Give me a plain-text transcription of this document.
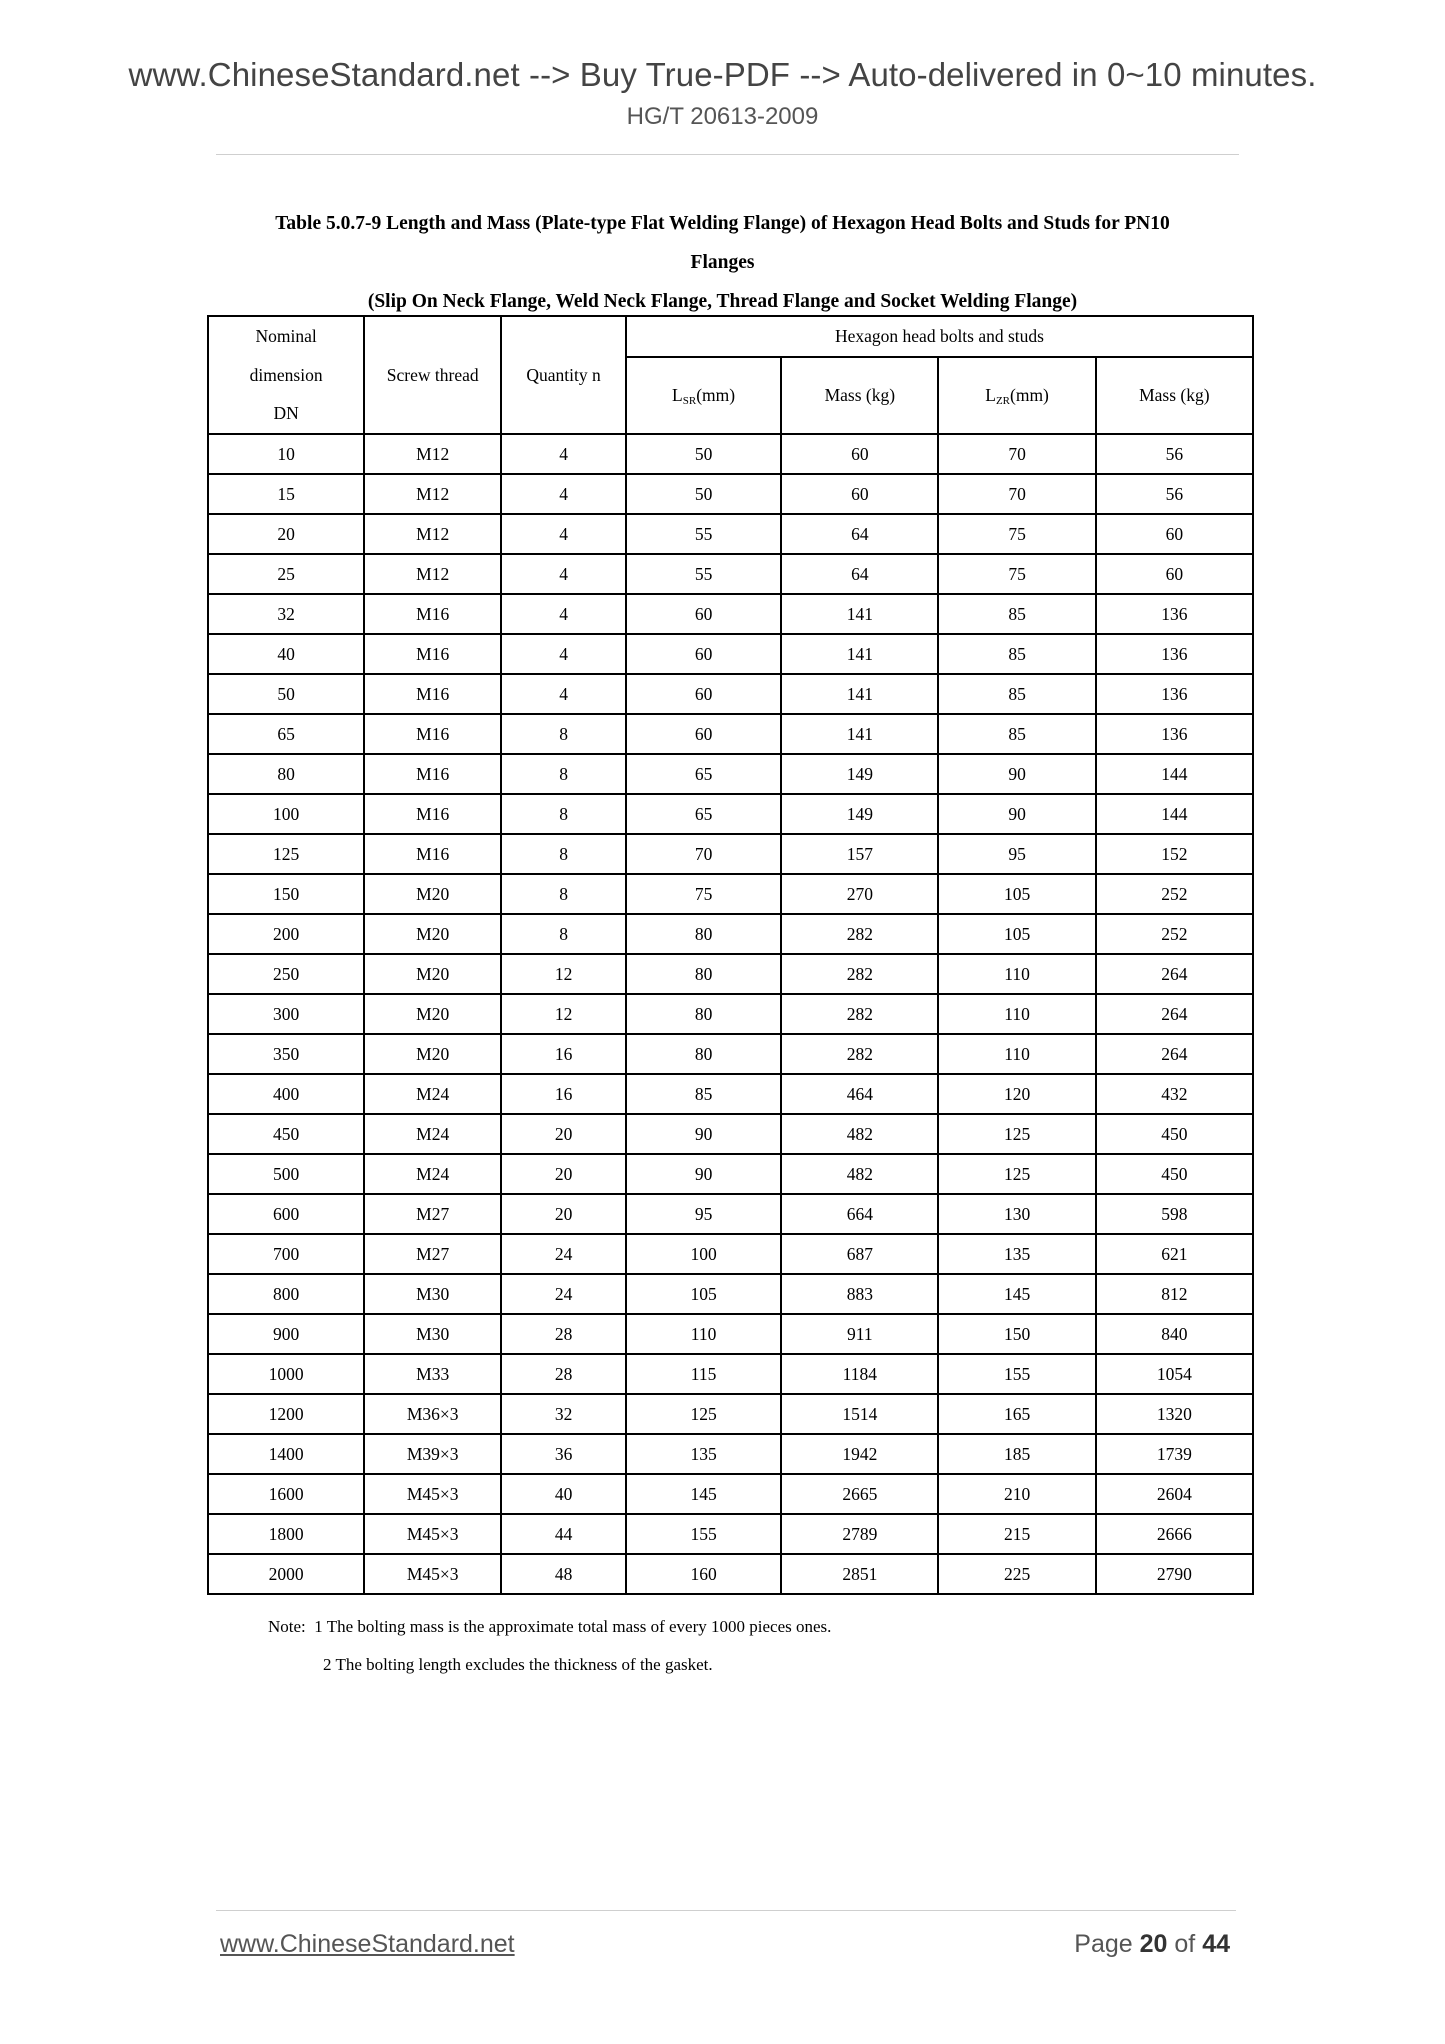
www.ChineseStandard.net --> Buy True-PDF --> Auto-delivered in 0~10 minutes.
HG/T 20613-2009
Table 5.0.7-9 Length and Mass (Plate-type Flat Welding Flange) of Hexagon Head Bolts and Studs for PN10
Flanges
(Slip On Neck Flange, Weld Neck Flange, Thread Flange and Socket Welding Flange)
Nominal
dimension
DN	Screw thread	Quantity n	Hexagon head bolts and studs			
			$L_{SR}(mm)$	Mass (kg)	$L_{ZR}(mm)$	Mass (kg)
10	M12	4	50	60	70	56
15	M12	4	50	60	70	56
20	M12	4	55	64	75	60
25	M12	4	55	64	75	60
32	M16	4	60	141	85	136
40	M16	4	60	141	85	136
50	M16	4	60	141	85	136
65	M16	8	60	141	85	136
80	M16	8	65	149	90	144
100	M16	8	65	149	90	144
125	M16	8	70	157	95	152
150	M20	8	75	270	105	252
200	M20	8	80	282	105	252
250	M20	12	80	282	110	264
300	M20	12	80	282	110	264
350	M20	16	80	282	110	264
400	M24	16	85	464	120	432
450	M24	20	90	482	125	450
500	M24	20	90	482	125	450
600	M27	20	95	664	130	598
700	M27	24	100	687	135	621
800	M30	24	105	883	145	812
900	M30	28	110	911	150	840
1000	M33	28	115	1184	155	1054
1200	M36×3	32	125	1514	165	1320
1400	M39×3	36	135	1942	185	1739
1600	M45×3	40	145	2665	210	2604
1800	M45×3	44	155	2789	215	2666
2000	M45×3	48	160	2851	225	2790
Note:  1 The bolting mass is the approximate total mass of every 1000 pieces ones.
2 The bolting length excludes the thickness of the gasket.
www.ChineseStandard.net	Page 20 of 44
